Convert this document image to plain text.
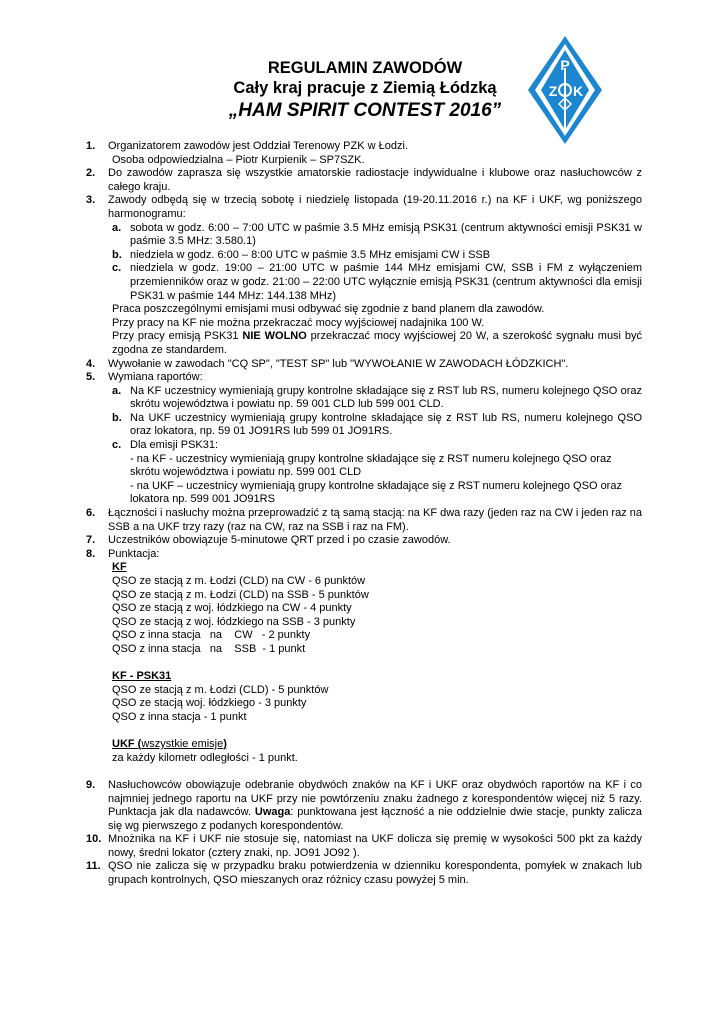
P
Z K
REGULAMIN ZAWODÓW
Cały kraj pracuje z Ziemią Łódzką
„HAM SPIRIT CONTEST 2016”
1. Organizatorem zawodów jest Oddział Terenowy PZK w Łodzi.
Osoba odpowiedzialna – Piotr Kurpienik – SP7SZK.
2. Do zawodów zaprasza się wszystkie amatorskie radiostacje indywidualne i klubowe oraz nasłuchowców z całego kraju.
3. Zawody odbędą się w trzecią sobotę i niedzielę listopada (19-20.11.2016 r.) na KF i UKF, wg poniższego harmonogramu:
a. sobota w godz. 6:00 – 7:00 UTC w paśmie 3.5 MHz emisją PSK31 (centrum aktywności emisji PSK31 w paśmie 3.5 MHz: 3.580.1)
b. niedziela w godz. 6:00 – 8:00 UTC w paśmie 3.5 MHz emisjami CW i SSB
c. niedziela w godz. 19:00 – 21:00 UTC w paśmie 144 MHz emisjami CW, SSB i FM z wyłączeniem przemienników oraz w godz. 21:00 – 22:00 UTC wyłącznie emisją PSK31 (centrum aktywności dla emisji PSK31 w paśmie 144 MHz: 144.138 MHz)
Praca poszczególnymi emisjami musi odbywać się zgodnie z band planem dla zawodów.
Przy pracy na KF nie można przekraczać mocy wyjściowej nadajnika 100 W.
Przy pracy emisją PSK31 NIE WOLNO przekraczać mocy wyjściowej 20 W, a szerokość sygnału musi być zgodna ze standardem.
4. Wywołanie w zawodach "CQ SP", "TEST SP" lub "WYWOŁANIE W ZAWODACH ŁÓDZKICH".
5. Wymiana raportów:
a. Na KF uczestnicy wymieniają grupy kontrolne składające się z RST lub RS, numeru kolejnego QSO oraz skrótu województwa i powiatu np. 59 001 CLD lub 599 001 CLD.
b. Na UKF uczestnicy wymieniają grupy kontrolne składające się z RST lub RS, numeru kolejnego QSO oraz lokatora, np. 59 01 JO91RS lub 599 01 JO91RS.
c. Dla emisji PSK31:
- na KF - uczestnicy wymieniają grupy kontrolne składające się z RST numeru kolejnego QSO oraz skrótu województwa i powiatu np. 599 001 CLD
- na UKF – uczestnicy wymieniają grupy kontrolne składające się z RST numeru kolejnego QSO oraz lokatora np. 599 001 JO91RS
6. Łączności i nasłuchy można przeprowadzić z tą samą stacją: na KF dwa razy (jeden raz na CW i jeden raz na SSB a na UKF trzy razy (raz na CW, raz na SSB i raz na FM).
7. Uczestników obowiązuje 5-minutowe QRT przed i po czasie zawodów.
8. Punktacja:
KF
QSO ze stacją z m. Łodzi (CLD) na CW - 6 punktów
QSO ze stacją z m. Łodzi (CLD) na SSB - 5 punktów
QSO ze stacją z woj. łódzkiego na CW - 4 punkty
QSO ze stacją z woj. łódzkiego na SSB - 3 punkty
QSO z inna stacja   na    CW   - 2 punkty
QSO z inna stacja   na    SSB  - 1 punkt
KF - PSK31
QSO ze stacją z m. Łodzi (CLD) - 5 punktów
QSO ze stacją woj. łódzkiego - 3 punkty
QSO z inna stacja - 1 punkt
UKF (wszystkie emisje)
za każdy kilometr odległości - 1 punkt.
9. Nasłuchowców obowiązuje odebranie obydwóch znaków na KF i UKF oraz obydwóch raportów na KF i co najmniej jednego raportu na UKF przy nie powtórzeniu znaku żadnego z korespondentów więcej niż 5 razy. Punktacja jak dla nadawców. Uwaga: punktowana jest łączność a nie oddzielnie dwie stacje, punkty zalicza się wg pierwszego z podanych korespondentów.
10. Mnożnika na KF i UKF nie stosuje się, natomiast na UKF dolicza się premię w wysokości 500 pkt za każdy nowy, średni lokator (cztery znaki, np. JO91 JO92 ).
11. QSO nie zalicza się w przypadku braku potwierdzenia w dzienniku korespondenta, pomyłek w znakach lub grupach kontrolnych, QSO mieszanych oraz różnicy czasu powyżej 5 min.
